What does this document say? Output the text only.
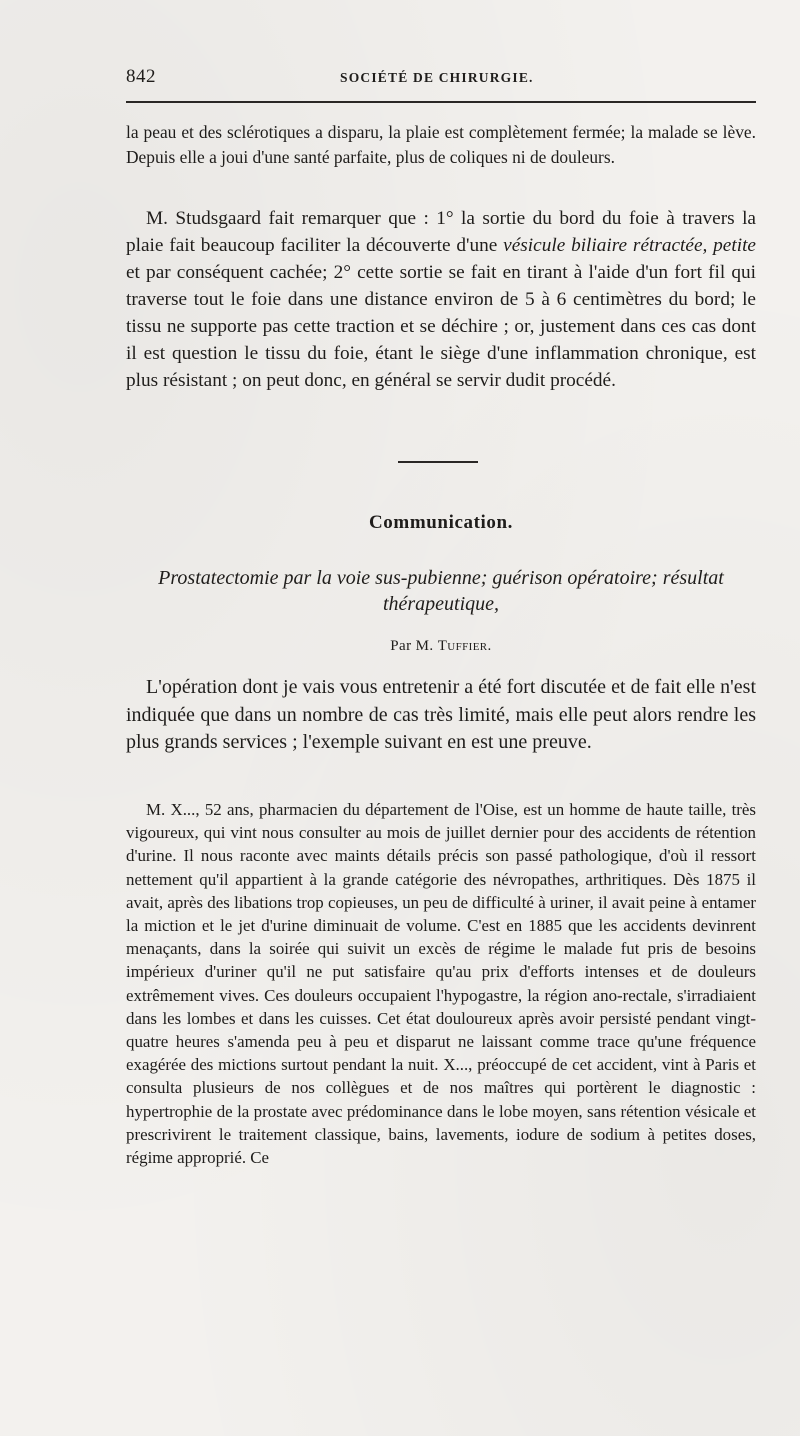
842	SOCIÉTÉ DE CHIRURGIE.

la peau et des sclérotiques a disparu, la plaie est complètement fermée; la malade se lève. Depuis elle a joui d'une santé parfaite, plus de coliques ni de douleurs.

M. Studsgaard fait remarquer que : 1° la sortie du bord du foie à travers la plaie fait beaucoup faciliter la découverte d'une vésicule biliaire rétractée, petite et par conséquent cachée; 2° cette sortie se fait en tirant à l'aide d'un fort fil qui traverse tout le foie dans une distance environ de 5 à 6 centimètres du bord; le tissu ne supporte pas cette traction et se déchire ; or, justement dans ces cas dont il est question le tissu du foie, étant le siège d'une inflammation chronique, est plus résistant ; on peut donc, en général se servir dudit procédé.

Communication.
Prostatectomie par la voie sus-pubienne; guérison opératoire; résultat thérapeutique,
Par M. Tuffier.

L'opération dont je vais vous entretenir a été fort discutée et de fait elle n'est indiquée que dans un nombre de cas très limité, mais elle peut alors rendre les plus grands services ; l'exemple suivant en est une preuve.

M. X..., 52 ans, pharmacien du département de l'Oise, est un homme de haute taille, très vigoureux, qui vint nous consulter au mois de juillet dernier pour des accidents de rétention d'urine. Il nous raconte avec maints détails précis son passé pathologique, d'où il ressort nettement qu'il appartient à la grande catégorie des névropathes, arthritiques. Dès 1875 il avait, après des libations trop copieuses, un peu de difficulté à uriner, il avait peine à entamer la miction et le jet d'urine diminuait de volume. C'est en 1885 que les accidents devinrent menaçants, dans la soirée qui suivit un excès de régime le malade fut pris de besoins impérieux d'uriner qu'il ne put satisfaire qu'au prix d'efforts intenses et de douleurs extrêmement vives. Ces douleurs occupaient l'hypogastre, la région ano-rectale, s'irradiaient dans les lombes et dans les cuisses. Cet état douloureux après avoir persisté pendant vingt-quatre heures s'amenda peu à peu et disparut ne laissant comme trace qu'une fréquence exagérée des mictions surtout pendant la nuit. X..., préoccupé de cet accident, vint à Paris et consulta plusieurs de nos collègues et de nos maîtres qui portèrent le diagnostic : hypertrophie de la prostate avec prédominance dans le lobe moyen, sans rétention vésicale et prescrivirent le traitement classique, bains, lavements, iodure de sodium à petites doses, régime approprié. Ce
